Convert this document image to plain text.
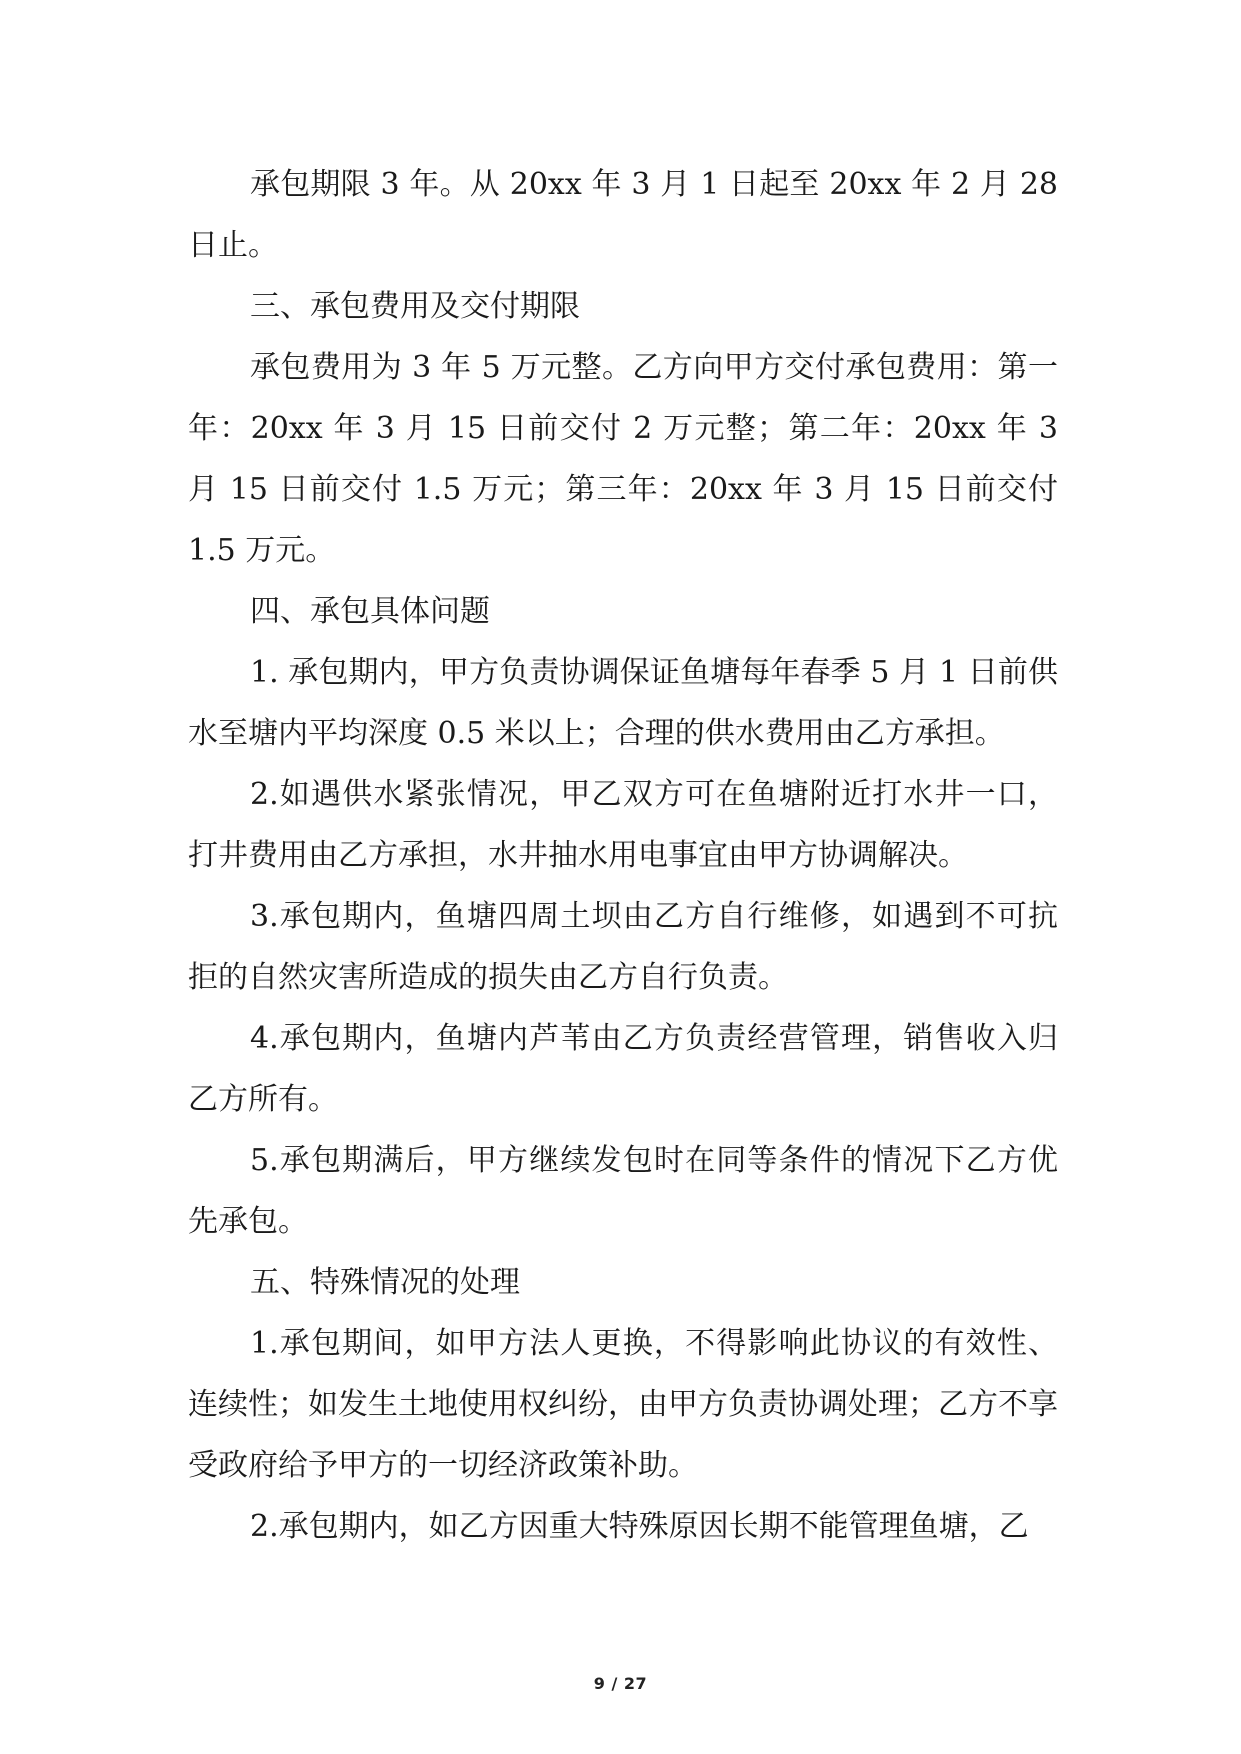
承包期限 3 年。从 20xx 年 3 月 1 日起至 20xx 年 2 月 28 日止。

三、承包费用及交付期限

承包费用为 3 年 5 万元整。乙方向甲方交付承包费用：第一年：20xx 年 3 月 15 日前交付 2 万元整；第二年：20xx 年 3 月 15 日前交付 1.5 万元；第三年：20xx 年 3 月 15 日前交付 1.5 万元。

四、承包具体问题

1. 承包期内，甲方负责协调保证鱼塘每年春季 5 月 1 日前供水至塘内平均深度 0.5 米以上；合理的供水费用由乙方承担。

2.如遇供水紧张情况，甲乙双方可在鱼塘附近打水井一口，打井费用由乙方承担，水井抽水用电事宜由甲方协调解决。

3.承包期内，鱼塘四周土坝由乙方自行维修，如遇到不可抗拒的自然灾害所造成的损失由乙方自行负责。

4.承包期内，鱼塘内芦苇由乙方负责经营管理，销售收入归乙方所有。

5.承包期满后，甲方继续发包时在同等条件的情况下乙方优先承包。

五、特殊情况的处理

1.承包期间，如甲方法人更换，不得影响此协议的有效性、连续性；如发生土地使用权纠纷，由甲方负责协调处理；乙方不享受政府给予甲方的一切经济政策补助。

2.承包期内，如乙方因重大特殊原因长期不能管理鱼塘，乙

9 / 27
